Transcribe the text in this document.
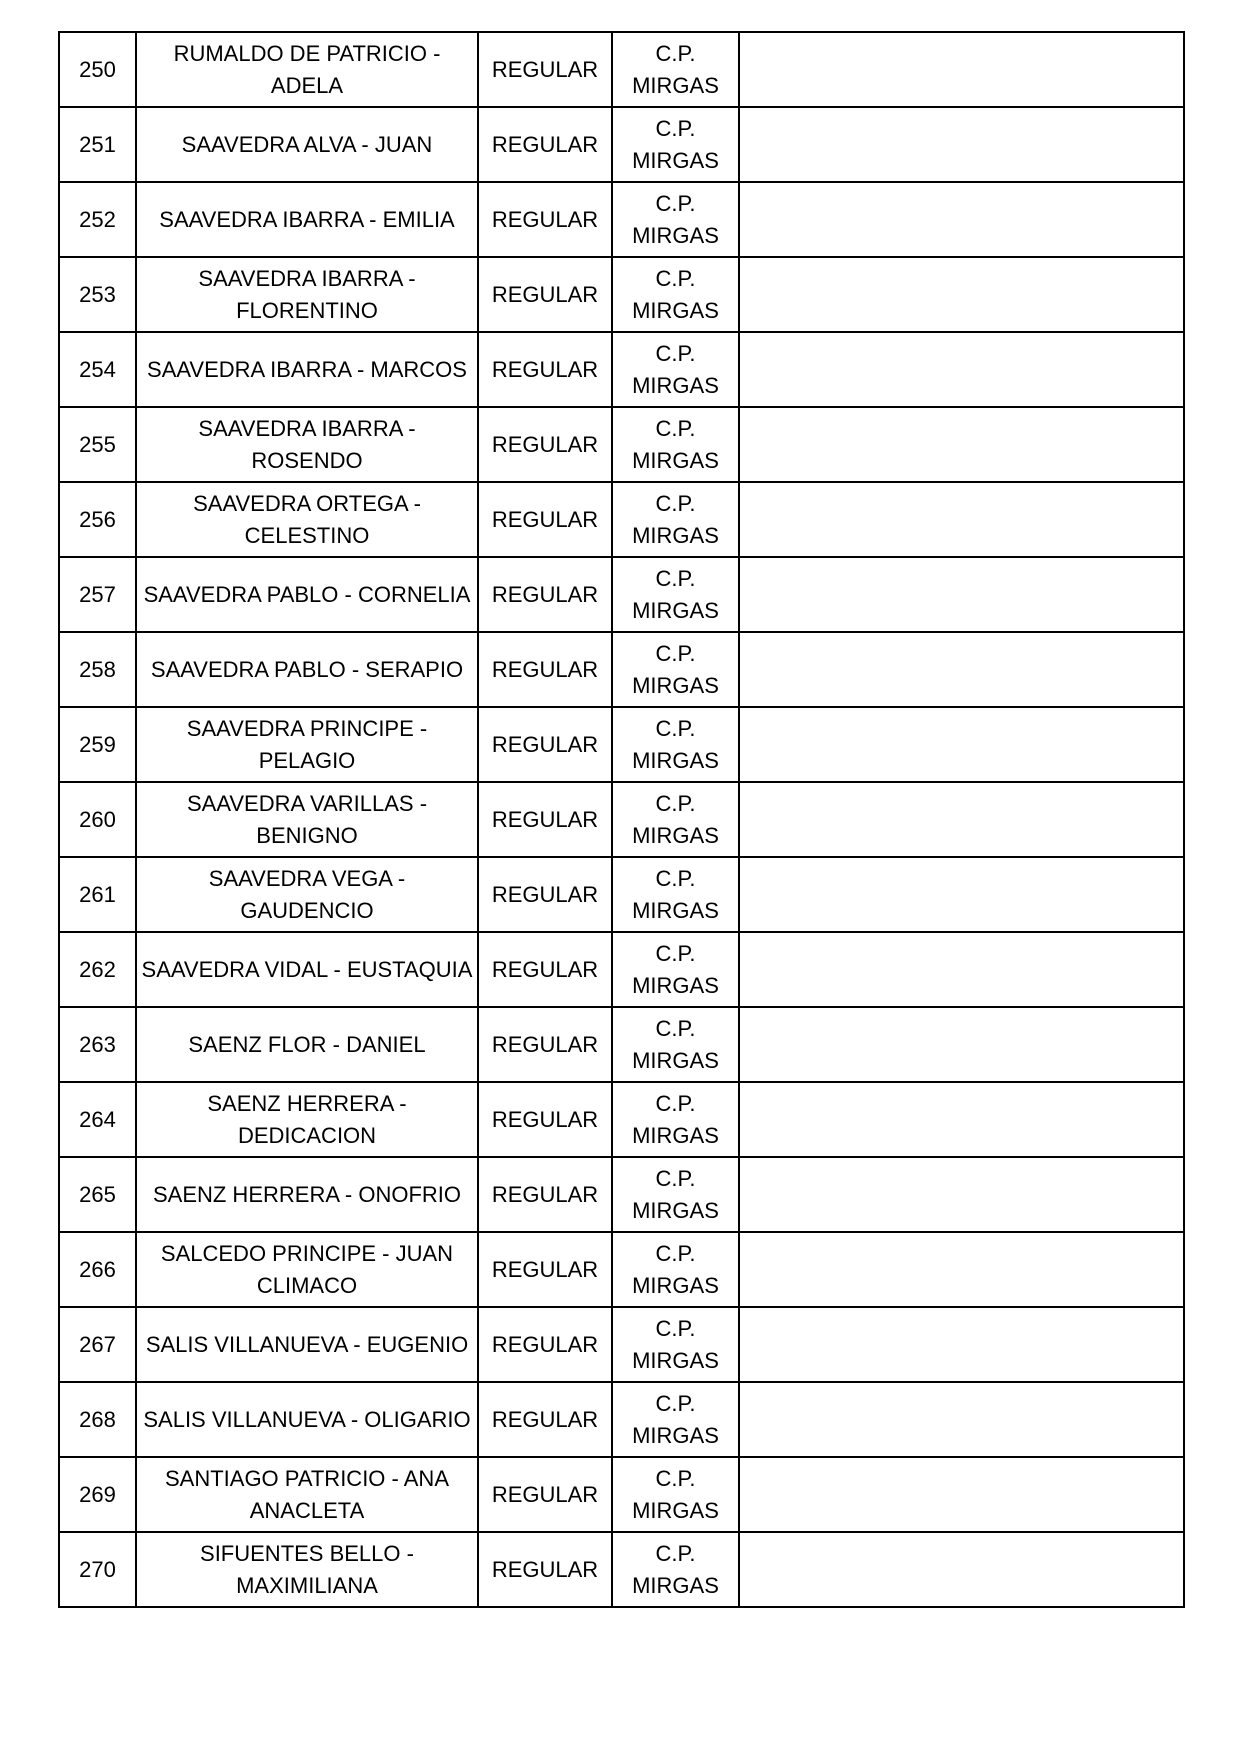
250	RUMALDO DE PATRICIO - ADELA	REGULAR	C.P.
MIRGAS	

251	SAAVEDRA ALVA - JUAN	REGULAR	C.P.
MIRGAS	

252	SAAVEDRA IBARRA - EMILIA	REGULAR	C.P.
MIRGAS	

253	SAAVEDRA IBARRA - FLORENTINO	REGULAR	C.P.
MIRGAS	

254	SAAVEDRA IBARRA - MARCOS	REGULAR	C.P.
MIRGAS	

255	SAAVEDRA IBARRA - ROSENDO	REGULAR	C.P.
MIRGAS	

256	SAAVEDRA ORTEGA - CELESTINO	REGULAR	C.P.
MIRGAS	

257	SAAVEDRA PABLO - CORNELIA	REGULAR	C.P.
MIRGAS	

258	SAAVEDRA PABLO - SERAPIO	REGULAR	C.P.
MIRGAS	

259	SAAVEDRA PRINCIPE - PELAGIO	REGULAR	C.P.
MIRGAS	

260	SAAVEDRA VARILLAS - BENIGNO	REGULAR	C.P.
MIRGAS	

261	SAAVEDRA VEGA - GAUDENCIO	REGULAR	C.P.
MIRGAS	

262	SAAVEDRA VIDAL - EUSTAQUIA	REGULAR	C.P.
MIRGAS	

263	SAENZ FLOR - DANIEL	REGULAR	C.P.
MIRGAS	

264	SAENZ HERRERA - DEDICACION	REGULAR	C.P.
MIRGAS	

265	SAENZ HERRERA - ONOFRIO	REGULAR	C.P.
MIRGAS	

266	SALCEDO PRINCIPE - JUAN CLIMACO	REGULAR	C.P.
MIRGAS	

267	SALIS VILLANUEVA - EUGENIO	REGULAR	C.P.
MIRGAS	

268	SALIS VILLANUEVA - OLIGARIO	REGULAR	C.P.
MIRGAS	

269	SANTIAGO PATRICIO - ANA ANACLETA	REGULAR	C.P.
MIRGAS	

270	SIFUENTES BELLO - MAXIMILIANA	REGULAR	C.P.
MIRGAS	
